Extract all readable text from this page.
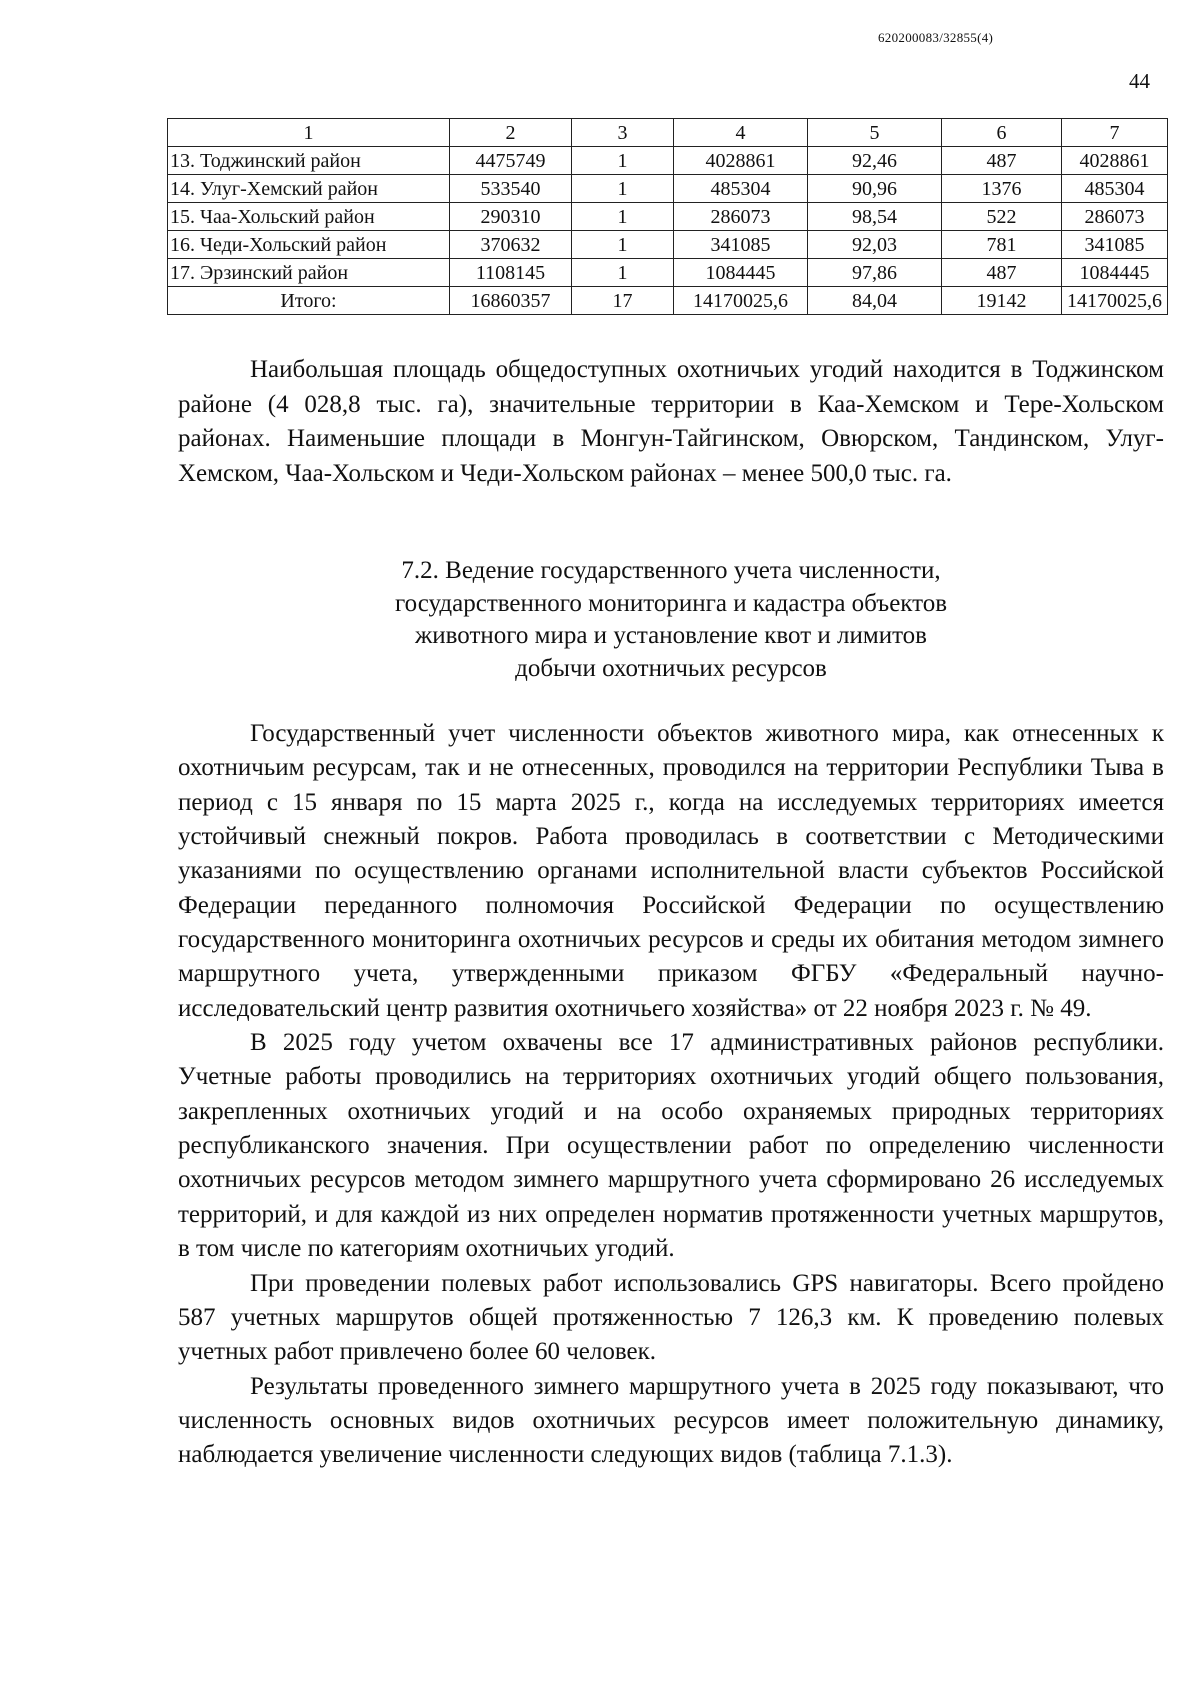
620200083/32855(4)
44
1	2	3	4	5	6	7
13. Тоджинский район	4475749	1	4028861	92,46	487	4028861
14. Улуг-Хемский район	533540	1	485304	90,96	1376	485304
15. Чаа-Хольский район	290310	1	286073	98,54	522	286073
16. Чеди-Хольский район	370632	1	341085	92,03	781	341085
17. Эрзинский район	1108145	1	1084445	97,86	487	1084445
Итого:	16860357	17	14170025,6	84,04	19142	14170025,6

Наибольшая площадь общедоступных охотничьих угодий находится в Тоджинском районе (4 028,8 тыс. га), значительные территории в Каа-Хемском и Тере-Хольском районах. Наименьшие площади в Монгун-Тайгинском, Овюрском, Тандинском, Улуг-Хемском, Чаа-Хольском и Чеди-Хольском районах – менее 500,0 тыс. га.

7.2. Ведение государственного учета численности,
государственного мониторинга и кадастра объектов
животного мира и установление квот и лимитов
добычи охотничьих ресурсов

Государственный учет численности объектов животного мира, как отнесенных к охотничьим ресурсам, так и не отнесенных, проводился на территории Республики Тыва в период с 15 января по 15 марта 2025 г., когда на исследуемых территориях имеется устойчивый снежный покров. Работа проводилась в соответствии с Методическими указаниями по осуществлению органами исполнительной власти субъектов Российской Федерации переданного полномочия Российской Федерации по осуществлению государственного мониторинга охотничьих ресурсов и среды их обитания методом зимнего маршрутного учета, утвержденными приказом ФГБУ «Федеральный научно-исследовательский центр развития охотничьего хозяйства» от 22 ноября 2023 г. № 49.

В 2025 году учетом охвачены все 17 административных районов республики. Учетные работы проводились на территориях охотничьих угодий общего пользования, закрепленных охотничьих угодий и на особо охраняемых природных территориях республиканского значения. При осуществлении работ по определению численности охотничьих ресурсов методом зимнего маршрутного учета сформировано 26 исследуемых территорий, и для каждой из них определен норматив протяженности учетных маршрутов, в том числе по категориям охотничьих угодий.

При проведении полевых работ использовались GPS навигаторы. Всего пройдено 587 учетных маршрутов общей протяженностью 7 126,3 км. К проведению полевых учетных работ привлечено более 60 человек.

Результаты проведенного зимнего маршрутного учета в 2025 году показывают, что численность основных видов охотничьих ресурсов имеет положительную динамику, наблюдается увеличение численности следующих видов (таблица 7.1.3).
